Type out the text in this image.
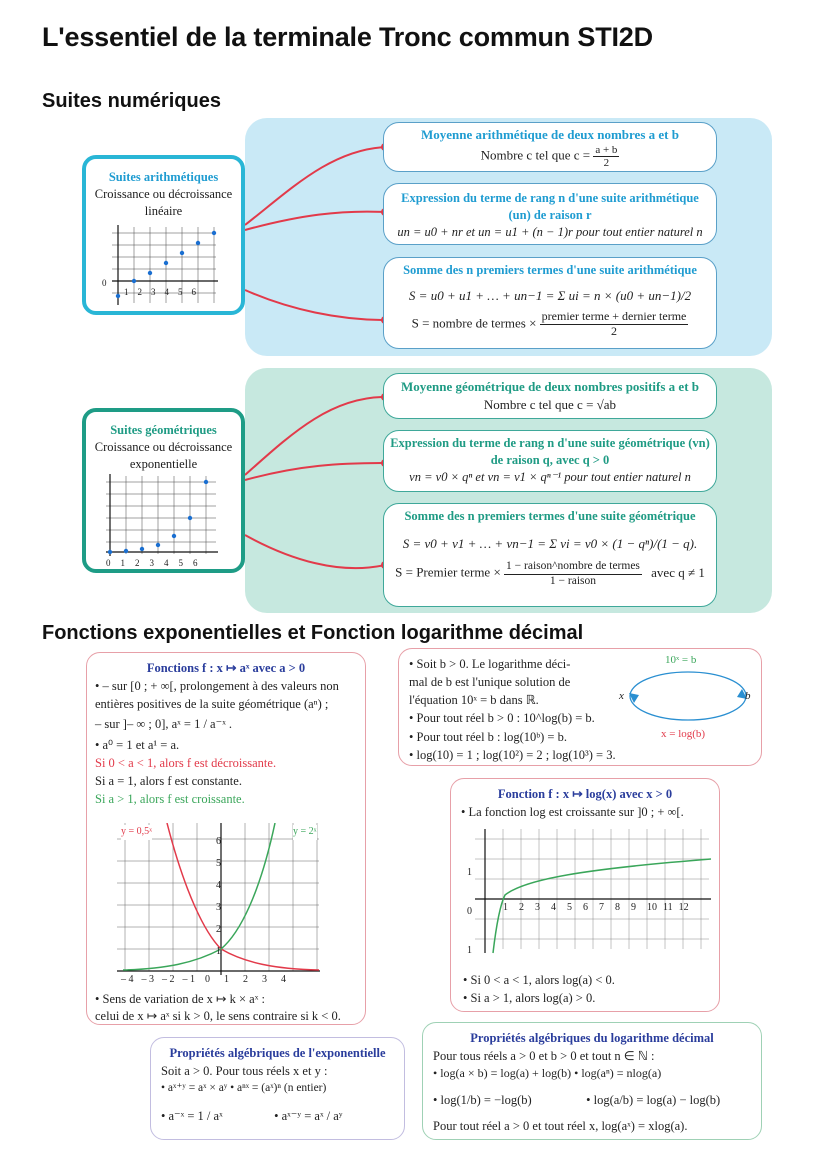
L'essentiel de la terminale Tronc commun STI2D
Suites numériques
Suites arithmétiques
Croissance ou décroissance
linéaire
0
123456
Moyenne arithmétique de deux nombres a et b
Nombre c tel que $c = \frac{a + b}{2}$
Expression du terme de rang n d'une suite arithmétique (un) de raison r
un = u0 + nr et un = u1 + (n − 1)r pour tout entier naturel n
Somme des n premiers termes d'une suite arithmétique
S = u0 + u1 + … + un−1 = Σ ui = n × (u0 + un−1)/2
S = nombre de termes × premier terme + dernier terme
2
Suites géométriques
Croissance ou décroissance
exponentielle
0123456
Moyenne géométrique de deux nombres positifs a et b
Nombre c tel que c = √ab
Expression du terme de rang n d'une suite géométrique (vn) de raison q, avec q > 0
vn = v0 × qⁿ et vn = v1 × qⁿ⁻¹ pour tout entier naturel n
Somme des n premiers termes d'une suite géométrique
S = v0 + v1 + … + vn−1 = Σ vi = v0 × (1 − qⁿ)/(1 − q).
S = Premier terme × 1 − raison^nombre de termes
1 − raison
avec q ≠ 1
Fonctions exponentielles et Fonction logarithme décimal
Fonctions f : x ↦ aˣ avec a > 0
• – sur [0 ; + ∞[, prolongement à des valeurs non
entières positives de la suite géométrique (aⁿ) ;
– sur ]– ∞ ; 0], aˣ = 1 / a⁻ˣ .
• a⁰ = 1 et a¹ = a.
Si 0 < a < 1, alors f est décroissante.
Si a = 1, alors f est constante.
Si a > 1, alors f est croissante.
y = 0,5ˣ	y = 2ˣ
6
5
4
3
2
1
– 4 – 3 – 2 – 1 0 1 2 3 4
• Sens de variation de x ↦ k × aˣ :
celui de x ↦ aˣ si k > 0, le sens contraire si k < 0.
• Soit b > 0. Le logarithme déci-
mal de b est l'unique solution de
l'équation 10ˣ = b dans ℝ.
• Pour tout réel b > 0 : 10^log(b) = b.
• Pour tout réel b : log(10ᵇ) = b.
• log(10) = 1 ; log(10²) = 2 ; log(10³) = 3.
10ˣ = b
x = log(b)
x	b
Fonction f : x ↦ log(x) avec x > 0
• La fonction log est croissante sur ]0 ; + ∞[.
1
0
1
1 2 3 4 5 6 7 8 9 10 11 12
• Si 0 < a < 1, alors log(a) < 0.
• Si a > 1, alors log(a) > 0.
Propriétés algébriques de l'exponentielle
Soit a > 0. Pour tous réels x et y :
• aˣ⁺ʸ = aˣ × aʸ • aⁿˣ = (aˣ)ⁿ (n entier)
• a⁻ˣ = 1 / aˣ	• aˣ⁻ʸ = aˣ / aʸ
Propriétés algébriques du logarithme décimal
Pour tous réels a > 0 et b > 0 et tout n ∈ ℕ :
• log(a × b) = log(a) + log(b) • log(aⁿ) = nlog(a)
• log(1/b) = −log(b)	• log(a/b) = log(a) − log(b)
Pour tout réel a > 0 et tout réel x, log(aˣ) = xlog(a).
